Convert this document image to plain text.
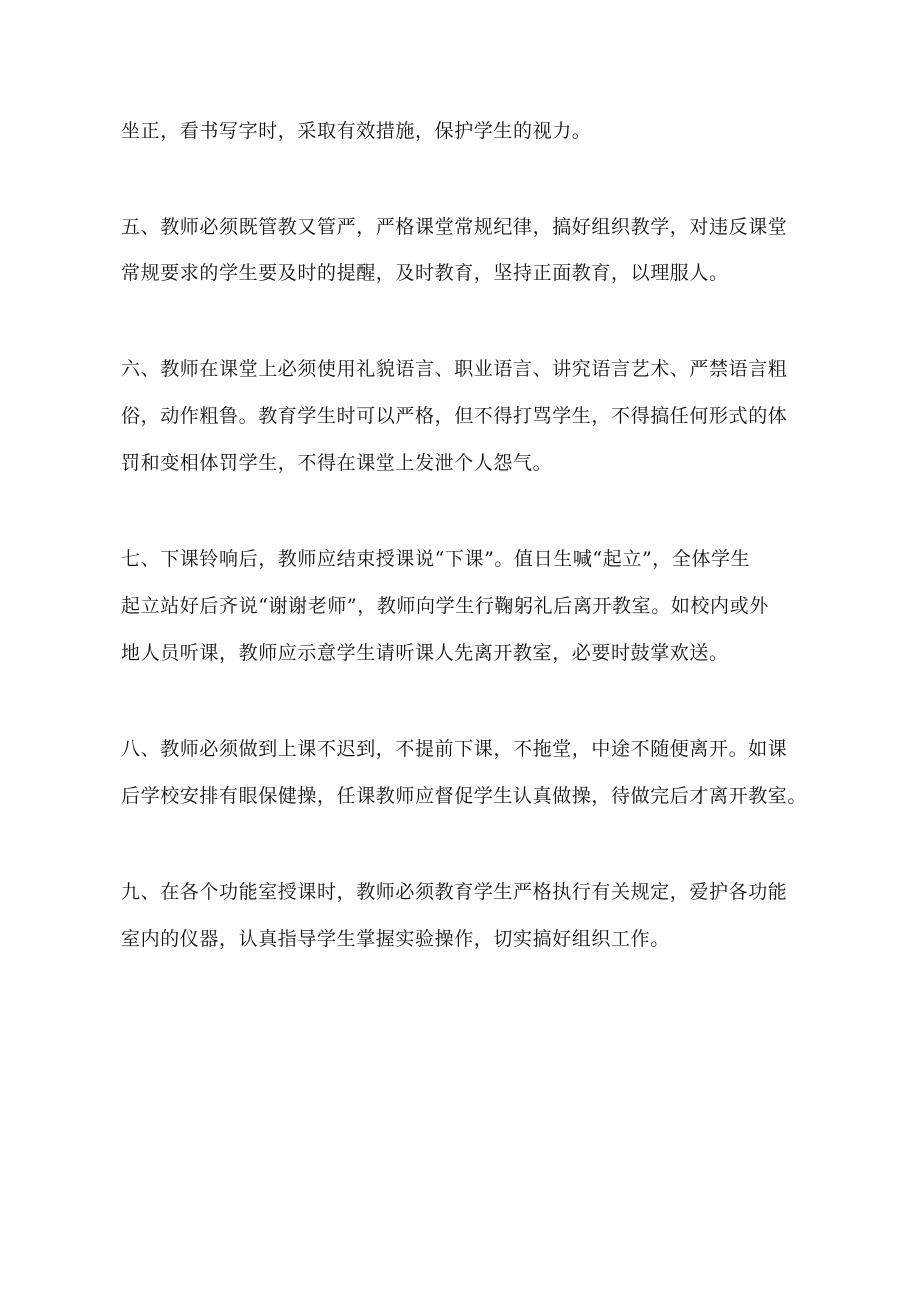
坐正，看书写字时，采取有效措施，保护学生的视力。
五、教师必须既管教又管严，严格课堂常规纪律，搞好组织教学，对违反课堂
常规要求的学生要及时的提醒，及时教育，坚持正面教育，以理服人。
六、教师在课堂上必须使用礼貌语言、职业语言、讲究语言艺术、严禁语言粗
俗，动作粗鲁。教育学生时可以严格，但不得打骂学生，不得搞任何形式的体
罚和变相体罚学生，不得在课堂上发泄个人怨气。
七、下课铃响后，教师应结束授课说“下课”。值日生喊“起立”，全体学生
起立站好后齐说“谢谢老师”，教师向学生行鞠躬礼后离开教室。如校内或外
地人员听课，教师应示意学生请听课人先离开教室，必要时鼓掌欢送。
八、教师必须做到上课不迟到，不提前下课，不拖堂，中途不随便离开。如课
后学校安排有眼保健操，任课教师应督促学生认真做操，待做完后才离开教室。
九、在各个功能室授课时，教师必须教育学生严格执行有关规定，爱护各功能
室内的仪器，认真指导学生掌握实验操作，切实搞好组织工作。
